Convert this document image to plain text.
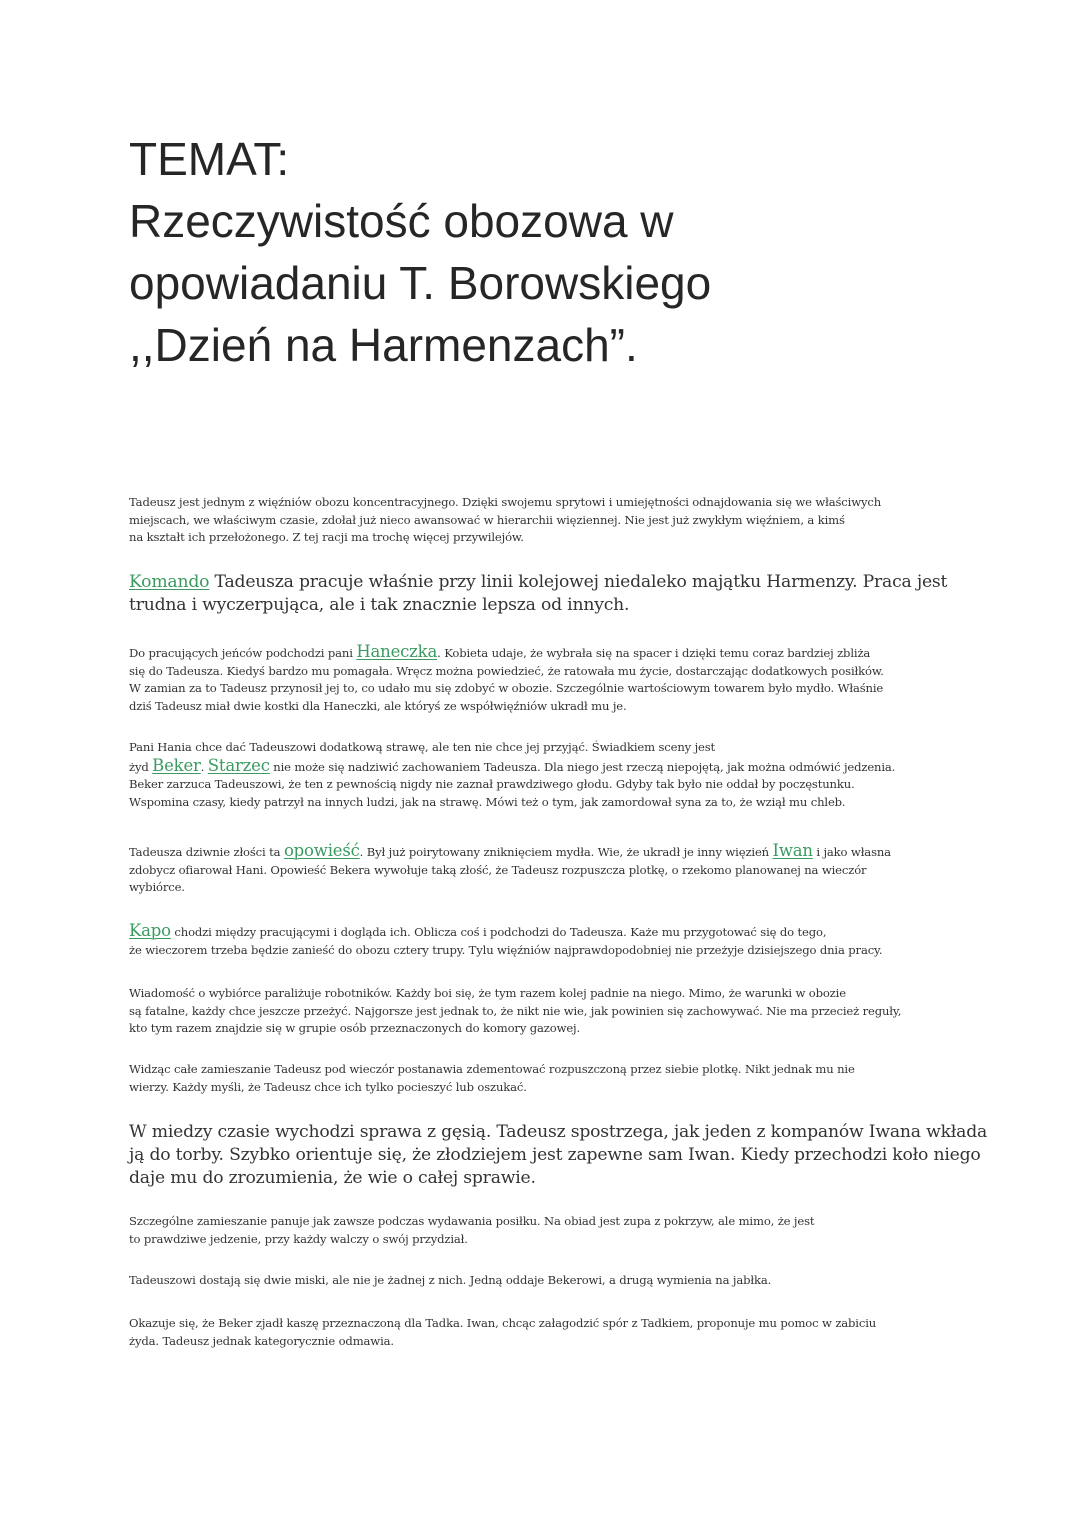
TEMAT:
Rzeczywistość obozowa w
opowiadaniu T. Borowskiego
,,Dzień na Harmenzach”.

Tadeusz jest jednym z więźniów obozu koncentracyjnego. Dzięki swojemu sprytowi i umiejętności odnajdowania się we właściwych
miejscach, we właściwym czasie, zdołał już nieco awansować w hierarchii więziennej. Nie jest już zwykłym więźniem, a kimś
na kształt ich przełożonego. Z tej racji ma trochę więcej przywilejów.

Komando Tadeusza pracuje właśnie przy linii kolejowej niedaleko majątku Harmenzy. Praca jest
trudna i wyczerpująca, ale i tak znacznie lepsza od innych.

Do pracujących jeńców podchodzi pani Haneczka. Kobieta udaje, że wybrała się na spacer i dzięki temu coraz bardziej zbliża
się do Tadeusza. Kiedyś bardzo mu pomagała. Wręcz można powiedzieć, że ratowała mu życie, dostarczając dodatkowych posiłków.
W zamian za to Tadeusz przynosił jej to, co udało mu się zdobyć w obozie. Szczególnie wartościowym towarem było mydło. Właśnie
dziś Tadeusz miał dwie kostki dla Haneczki, ale któryś ze współwięźniów ukradł mu je.

Pani Hania chce dać Tadeuszowi dodatkową strawę, ale ten nie chce jej przyjąć. Świadkiem sceny jest
żyd Beker. Starzec nie może się nadziwić zachowaniem Tadeusza. Dla niego jest rzeczą niepojętą, jak można odmówić jedzenia.
Beker zarzuca Tadeuszowi, że ten z pewnością nigdy nie zaznał prawdziwego głodu. Gdyby tak było nie oddał by poczęstunku.
Wspomina czasy, kiedy patrzył na innych ludzi, jak na strawę. Mówi też o tym, jak zamordował syna za to, że wziął mu chleb.

Tadeusza dziwnie złości ta opowieść. Był już poirytowany zniknięciem mydła. Wie, że ukradł je inny więzień Iwan i jako własna
zdobycz ofiarował Hani. Opowieść Bekera wywołuje taką złość, że Tadeusz rozpuszcza plotkę, o rzekomo planowanej na wieczór
wybiórce.

Kapo chodzi między pracującymi i dogląda ich. Oblicza coś i podchodzi do Tadeusza. Każe mu przygotować się do tego,
że wieczorem trzeba będzie zanieść do obozu cztery trupy. Tylu więźniów najprawdopodobniej nie przeżyje dzisiejszego dnia pracy.

Wiadomość o wybiórce paraliżuje robotników. Każdy boi się, że tym razem kolej padnie na niego. Mimo, że warunki w obozie
są fatalne, każdy chce jeszcze przeżyć. Najgorsze jest jednak to, że nikt nie wie, jak powinien się zachowywać. Nie ma przecież reguły,
kto tym razem znajdzie się w grupie osób przeznaczonych do komory gazowej.

Widząc całe zamieszanie Tadeusz pod wieczór postanawia zdementować rozpuszczoną przez siebie plotkę. Nikt jednak mu nie
wierzy. Każdy myśli, że Tadeusz chce ich tylko pocieszyć lub oszukać.

W miedzy czasie wychodzi sprawa z gęsią. Tadeusz spostrzega, jak jeden z kompanów Iwana wkłada
ją do torby. Szybko orientuje się, że złodziejem jest zapewne sam Iwan. Kiedy przechodzi koło niego
daje mu do zrozumienia, że wie o całej sprawie.

Szczególne zamieszanie panuje jak zawsze podczas wydawania posiłku. Na obiad jest zupa z pokrzyw, ale mimo, że jest
to prawdziwe jedzenie, przy każdy walczy o swój przydział.

Tadeuszowi dostają się dwie miski, ale nie je żadnej z nich. Jedną oddaje Bekerowi, a drugą wymienia na jabłka.

Okazuje się, że Beker zjadł kaszę przeznaczoną dla Tadka. Iwan, chcąc załagodzić spór z Tadkiem, proponuje mu pomoc w zabiciu
żyda. Tadeusz jednak kategorycznie odmawia.
